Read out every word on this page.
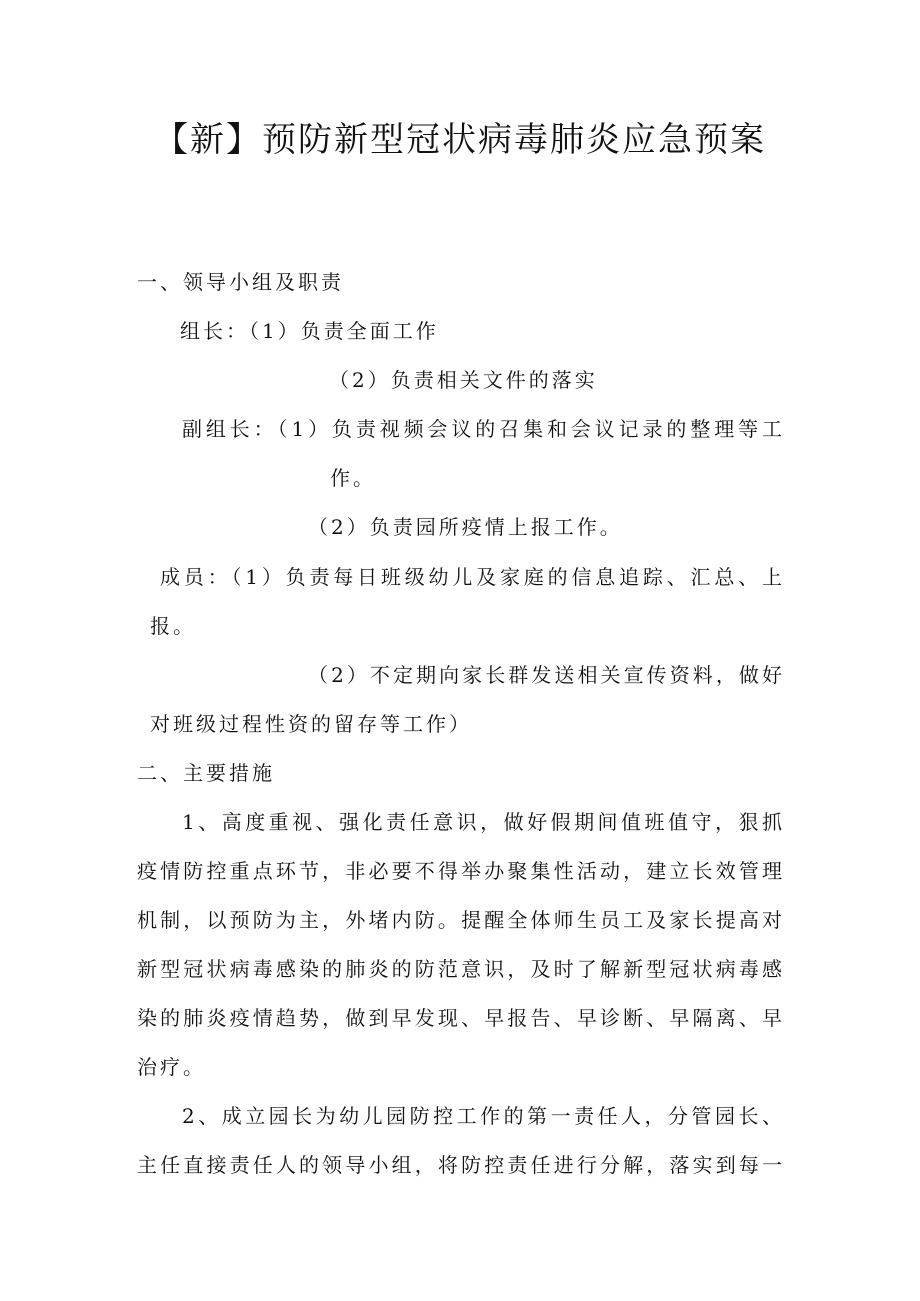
【新】预防新型冠状病毒肺炎应急预案

一、领导小组及职责

组长：（1）负责全面工作

（2）负责相关文件的落实

副组长：（1）负责视频会议的召集和会议记录的整理等工

作。

（2）负责园所疫情上报工作。

成员：（1）负责每日班级幼儿及家庭的信息追踪、汇总、上

报。

（2）不定期向家长群发送相关宣传资料，做好

对班级过程性资的留存等工作）

二、主要措施

1、高度重视、强化责任意识，做好假期间值班值守，狠抓

疫情防控重点环节，非必要不得举办聚集性活动，建立长效管理

机制，以预防为主，外堵内防。提醒全体师生员工及家长提高对

新型冠状病毒感染的肺炎的防范意识，及时了解新型冠状病毒感

染的肺炎疫情趋势，做到早发现、早报告、早诊断、早隔离、早

治疗。

2、成立园长为幼儿园防控工作的第一责任人，分管园长、

主任直接责任人的领导小组，将防控责任进行分解，落实到每一
